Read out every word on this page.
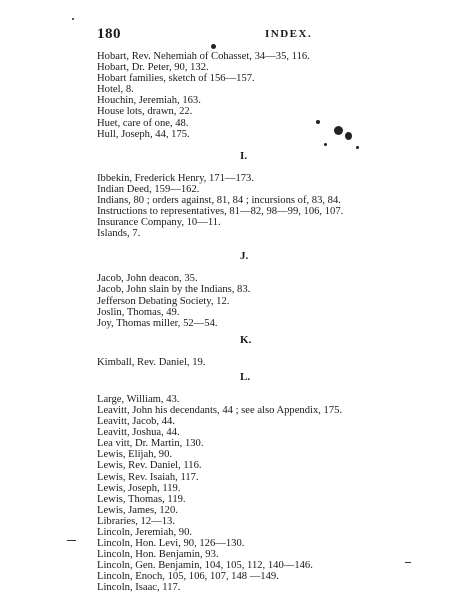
180	INDEX.
Hobart, Rev. Nehemiah of Cohasset, 34—35, 116.
Hobart, Dr. Peter, 90, 132.
Hobart families, sketch of 156—157.
Hotel, 8.
Houchin, Jeremiah, 163.
House lots, drawn, 22.
Huet, care of one, 48.
Hull, Joseph, 44, 175.
I.
Ibbekin, Frederick Henry, 171—173.
Indian Deed, 159—162.
Indians, 80 ; orders against, 81, 84 ; incursions of, 83, 84.
Instructions to representatives, 81—82, 98—99, 106, 107.
Insurance Company, 10—11.
Islands, 7.
J.
Jacob, John deacon, 35.
Jacob, John slain by the Indians, 83.
Jefferson Debating Society, 12.
Joslin, Thomas, 49.
Joy, Thomas miller, 52—54.
K.
Kimball, Rev. Daniel, 19.
L.
Large, William, 43.
Leavitt, John his decendants, 44 ; see also Appendix, 175.
Leavitt, Jacob, 44.
Leavitt, Joshua, 44.
Lea vitt, Dr. Martin, 130.
Lewis, Elijah, 90.
Lewis, Rev. Daniel, 116.
Lewis, Rev. Isaiah, 117.
Lewis, Joseph, 119.
Lewis, Thomas, 119.
Lewis, James, 120.
Libraries, 12—13.
Lincoln, Jeremiah, 90.
Lincoln, Hon. Levi, 90, 126—130.
Lincoln, Hon. Benjamin, 93.
Lincoln, Gen. Benjamin, 104, 105, 112, 140—146.
Lincoln, Enoch, 105, 106, 107, 148 —149.
Lincoln, Isaac, 117.
